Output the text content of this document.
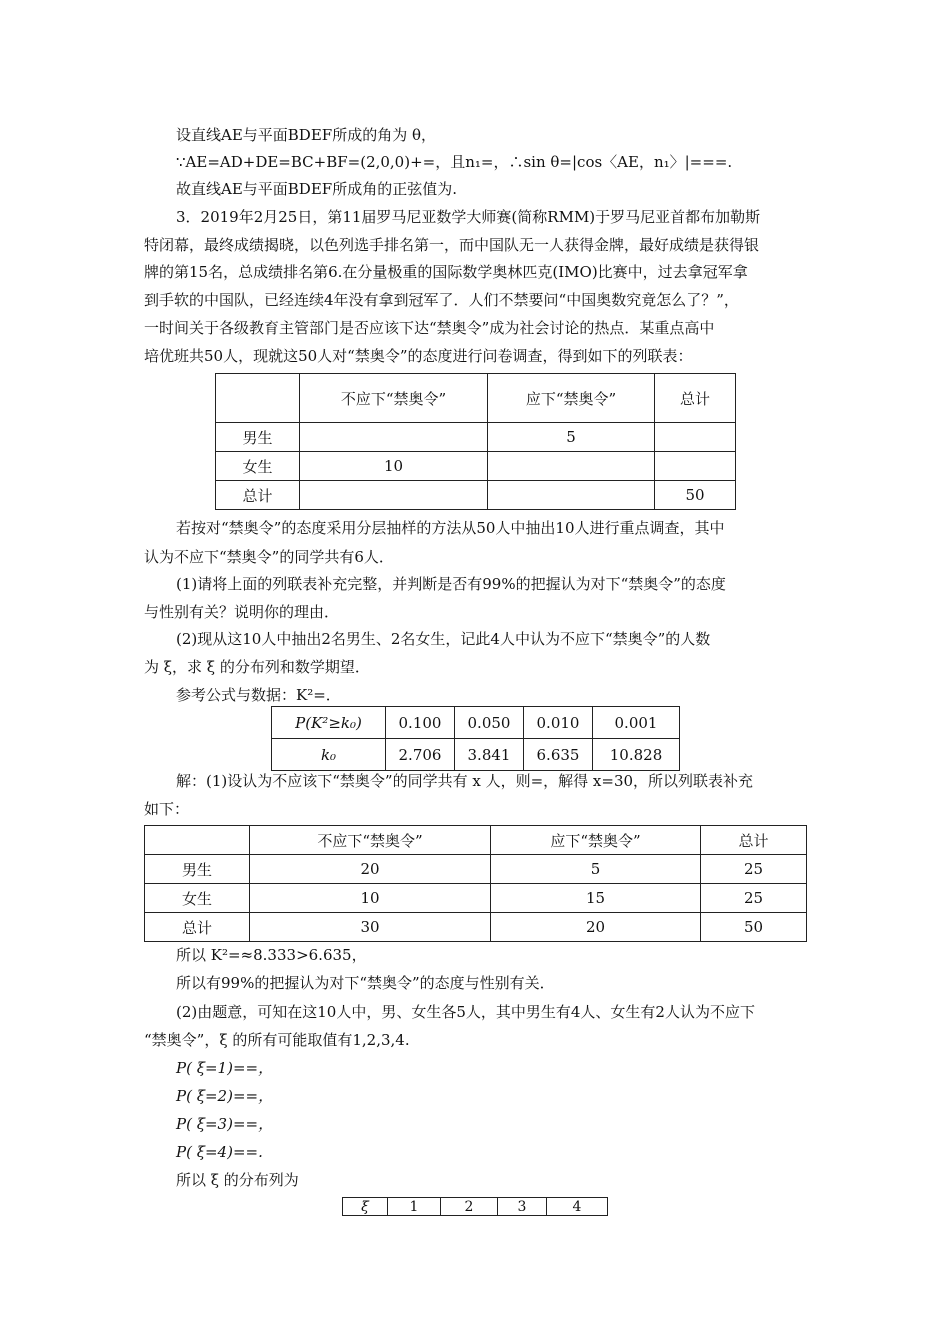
设直线AE与平面BDEF所成的角为 θ，
∵AE=AD+DE=BC+BF=(2,0,0)+=，且n₁=，∴sin θ=|cos〈AE，n₁〉|===.
故直线AE与平面BDEF所成角的正弦值为.
3．2019年2月25日，第11届罗马尼亚数学大师赛(简称RMM)于罗马尼亚首都布加勒斯
特闭幕，最终成绩揭晓，以色列选手排名第一，而中国队无一人获得金牌，最好成绩是获得银
牌的第15名，总成绩排名第6.在分量极重的国际数学奥林匹克(IMO)比赛中，过去拿冠军拿
到手软的中国队，已经连续4年没有拿到冠军了．人们不禁要问“中国奥数究竟怎么了？”，
一时间关于各级教育主管部门是否应该下达“禁奥令”成为社会讨论的热点．某重点高中
培优班共50人，现就这50人对“禁奥令”的态度进行问卷调查，得到如下的列联表：
	不应下“禁奥令”	应下“禁奥令”	总计
男生		5	
女生	10		
总计			50
若按对“禁奥令”的态度采用分层抽样的方法从50人中抽出10人进行重点调查，其中
认为不应下“禁奥令”的同学共有6人．
(1)请将上面的列联表补充完整，并判断是否有99%的把握认为对下“禁奥令”的态度
与性别有关？说明你的理由．
(2)现从这10人中抽出2名男生、2名女生，记此4人中认为不应下“禁奥令”的人数
为 ξ，求 ξ 的分布列和数学期望．
参考公式与数据：K²=．
P(K²≥k₀)	0.100	0.050	0.010	0.001
k₀	2.706	3.841	6.635	10.828
解：(1)设认为不应该下“禁奥令”的同学共有 x 人，则=，解得 x=30，所以列联表补充
如下：
	不应下“禁奥令”	应下“禁奥令”	总计
男生	20	5	25
女生	10	15	25
总计	30	20	50
所以 K²=≈8.333>6.635，
所以有99%的把握认为对下“禁奥令”的态度与性别有关．
(2)由题意，可知在这10人中，男、女生各5人，其中男生有4人、女生有2人认为不应下
“禁奥令”，ξ 的所有可能取值有1,2,3,4.
P( ξ=1)==，
P( ξ=2)==，
P( ξ=3)==，
P( ξ=4)==.
所以 ξ 的分布列为
ξ	1	2	3	4
